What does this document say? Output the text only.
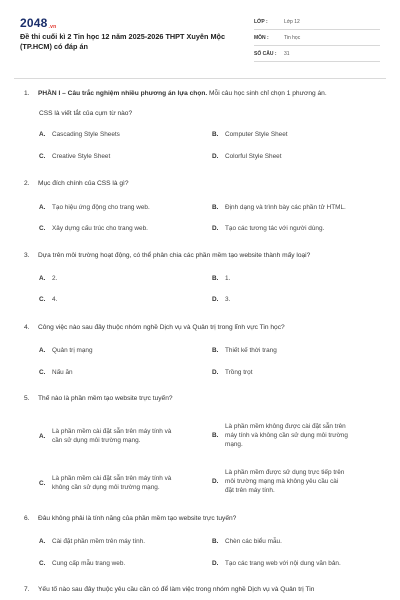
2048.vn
Đề thi cuối kì 2 Tin học 12 năm 2025-2026 THPT Xuyên Mộc (TP.HCM) có đáp án
LỚP :	Lớp 12
MÔN :	Tin học
SỐ CÂU :	31
1. PHẦN I – Câu trắc nghiệm nhiều phương án lựa chọn. Mỗi câu học sinh chỉ chọn 1 phương án.
CSS là viết tắt của cụm từ nào?
A.	Cascading Style Sheets	B.	Computer Style Sheet
C.	Creative Style Sheet	D.	Colorful Style Sheet
2. Mục đích chính của CSS là gì?
A.	Tạo hiệu ứng động cho trang web.	B.	Định dạng và trình bày các phần tử HTML.
C.	Xây dựng cấu trúc cho trang web.	D.	Tạo các tương tác với người dùng.
3. Dựa trên môi trường hoạt động, có thể phân chia các phần mềm tạo website thành mấy loại?
A.	2.	B.	1.
C.	4.	D.	3.
4. Công việc nào sau đây thuộc nhóm nghề Dịch vụ và Quản trị trong lĩnh vực Tin học?
A.	Quản trị mạng	B.	Thiết kế thời trang
C.	Nấu ăn	D.	Trồng trọt
5. Thế nào là phần mềm tạo website trực tuyến?
A.
Là phần mềm cài đặt sẵn trên máy tính và
cần sử dụng môi trường mạng.
B.
Là phần mềm không được cài đặt sẵn trên
máy tính và không cần sử dụng môi trường
mạng.
C.
Là phần mềm cài đặt sẵn trên máy tính và
không cần sử dụng môi trường mạng.
D.
Là phần mềm được sử dụng trực tiếp trên
môi trường mạng mà không yêu cầu cài
đặt trên máy tính.
6. Đâu không phải là tính năng của phần mềm tạo website trực tuyến?
A.	Cài đặt phần mềm trên máy tính.	B.	Chèn các biểu mẫu.
C.	Cung cấp mẫu trang web.	D.	Tạo các trang web với nội dung văn bản.
7. Yếu tố nào sau đây thuộc yêu cầu cần có để làm việc trong nhóm nghề Dịch vụ và Quản trị Tin
